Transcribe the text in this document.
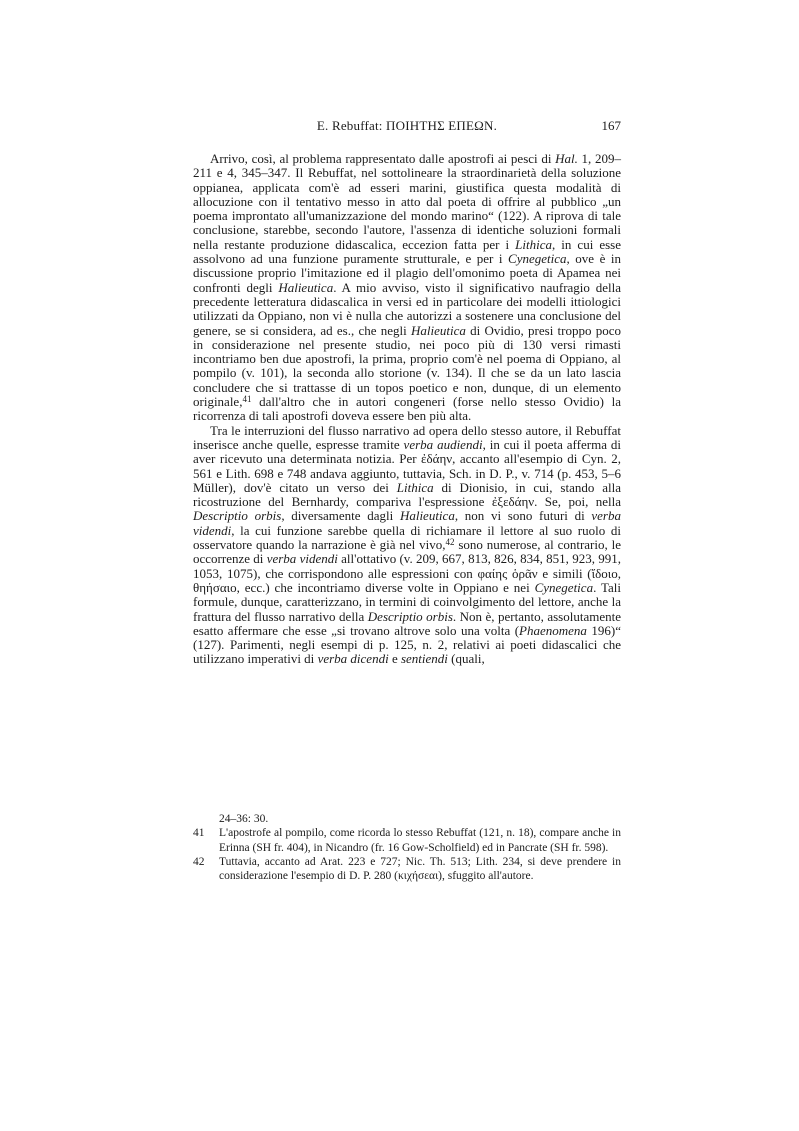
E. Rebuffat: ΠΟΙΗΤΗΣ ΕΠΕΩΝ.	167

Arrivo, così, al problema rappresentato dalle apostrofi ai pesci di Hal. 1, 209–211 e 4, 345–347. Il Rebuffat, nel sottolineare la straordinarietà della soluzione oppianea, applicata com'è ad esseri marini, giustifica questa modalità di allocuzione con il tentativo messo in atto dal poeta di offrire al pubblico „un poema improntato all'umanizzazione del mondo marino“ (122). A riprova di tale conclusione, starebbe, secondo l'autore, l'assenza di identiche soluzioni formali nella restante produzione didascalica, eccezion fatta per i Lithica, in cui esse assolvono ad una funzione puramente strutturale, e per i Cynegetica, ove è in discussione proprio l'imitazione ed il plagio dell'omonimo poeta di Apamea nei confronti degli Halieutica. A mio avviso, visto il significativo naufragio della precedente letteratura didascalica in versi ed in particolare dei modelli ittiologici utilizzati da Oppiano, non vi è nulla che autorizzi a sostenere una conclusione del genere, se si considera, ad es., che negli Halieutica di Ovidio, presi troppo poco in considerazione nel presente studio, nei poco più di 130 versi rimasti incontriamo ben due apostrofi, la prima, proprio com'è nel poema di Oppiano, al pompilo (v. 101), la seconda allo storione (v. 134). Il che se da un lato lascia concludere che si trattasse di un topos poetico e non, dunque, di un elemento originale,$^{41}$ dall'altro che in autori congeneri (forse nello stesso Ovidio) la ricorrenza di tali apostrofi doveva essere ben più alta.

Tra le interruzioni del flusso narrativo ad opera dello stesso autore, il Rebuffat inserisce anche quelle, espresse tramite verba audiendi, in cui il poeta afferma di aver ricevuto una determinata notizia. Per ἐδάην, accanto all'esempio di Cyn. 2, 561 e Lith. 698 e 748 andava aggiunto, tuttavia, Sch. in D. P., v. 714 (p. 453, 5–6 Müller), dov'è citato un verso dei Lithica di Dionisio, in cui, stando alla ricostruzione del Bernhardy, compariva l'espressione ἐξεδάην. Se, poi, nella Descriptio orbis, diversamente dagli Halieutica, non vi sono futuri di verba videndi, la cui funzione sarebbe quella di richiamare il lettore al suo ruolo di osservatore quando la narrazione è già nel vivo,$^{42}$ sono numerose, al contrario, le occorrenze di verba videndi all'ottativo (v. 209, 667, 813, 826, 834, 851, 923, 991, 1053, 1075), che corrispondono alle espressioni con φαίης ὁρᾶν e simili (ἴδοιο, θηήσαιο, ecc.) che incontriamo diverse volte in Oppiano e nei Cynegetica. Tali formule, dunque, caratterizzano, in termini di coinvolgimento del lettore, anche la frattura del flusso narrativo della Descriptio orbis. Non è, pertanto, assolutamente esatto affermare che esse „si trovano altrove solo una volta (Phaenomena 196)“ (127). Parimenti, negli esempi di p. 125, n. 2, relativi ai poeti didascalici che utilizzano imperativi di verba dicendi e sentiendi (quali,

24–36: 30.
41 L'apostrofe al pompilo, come ricorda lo stesso Rebuffat (121, n. 18), compare anche in Erinna (SH fr. 404), in Nicandro (fr. 16 Gow-Scholfield) ed in Pancrate (SH fr. 598).
42 Tuttavia, accanto ad Arat. 223 e 727; Nic. Th. 513; Lith. 234, si deve prendere in considerazione l'esempio di D. P. 280 (κιχήσεαι), sfuggito all'autore.
